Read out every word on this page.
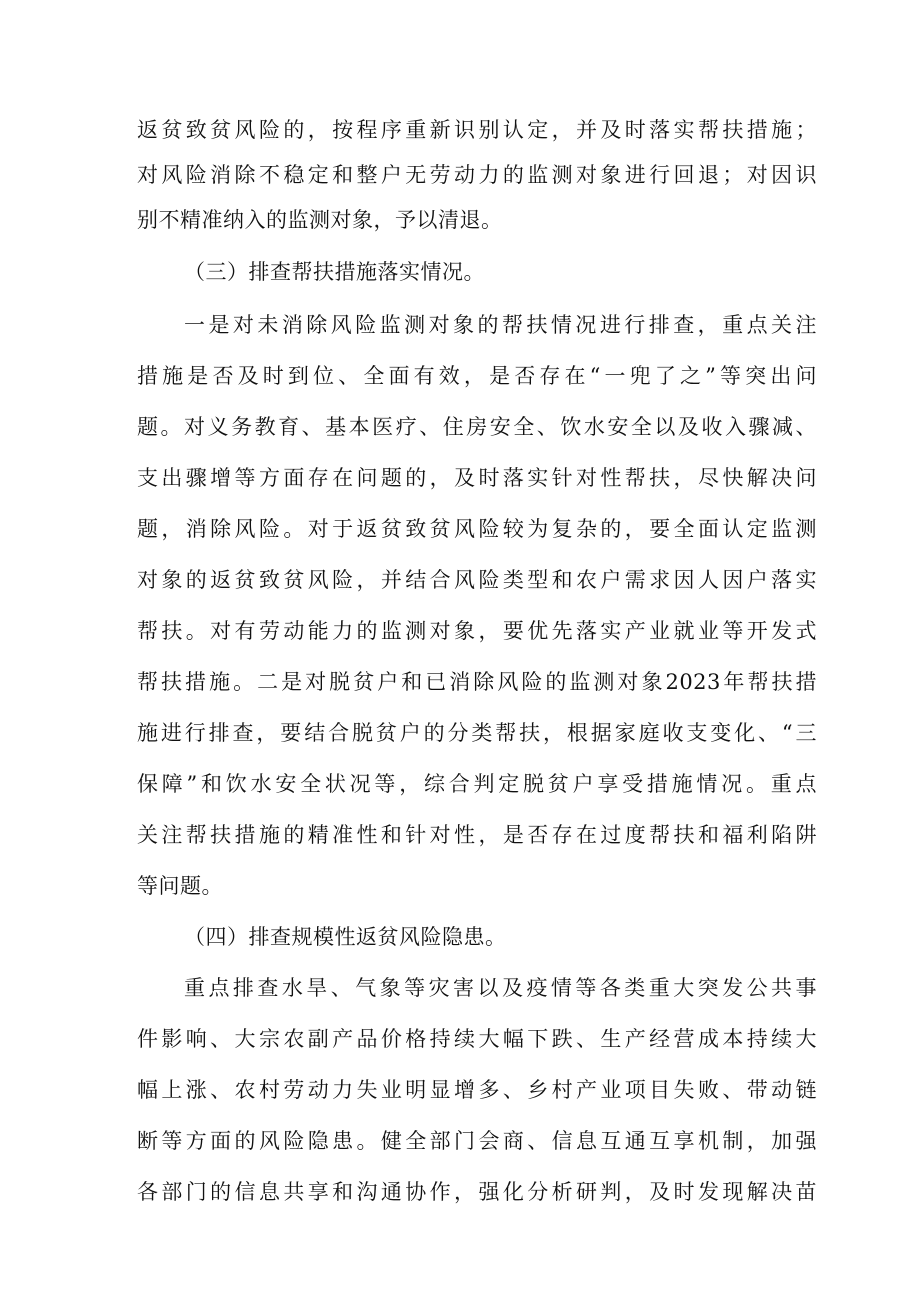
返贫致贫风险的，按程序重新识别认定，并及时落实帮扶措施；
对风险消除不稳定和整户无劳动力的监测对象进行回退；对因识
别不精准纳入的监测对象，予以清退。
（三）排查帮扶措施落实情况。
一是对未消除风险监测对象的帮扶情况进行排查，重点关注
措施是否及时到位、全面有效，是否存在“一兜了之”等突出问
题。对义务教育、基本医疗、住房安全、饮水安全以及收入骤减、
支出骤增等方面存在问题的，及时落实针对性帮扶，尽快解决问
题，消除风险。对于返贫致贫风险较为复杂的，要全面认定监测
对象的返贫致贫风险，并结合风险类型和农户需求因人因户落实
帮扶。对有劳动能力的监测对象，要优先落实产业就业等开发式
帮扶措施。二是对脱贫户和已消除风险的监测对象2023年帮扶措
施进行排查，要结合脱贫户的分类帮扶，根据家庭收支变化、“三
保障”和饮水安全状况等，综合判定脱贫户享受措施情况。重点
关注帮扶措施的精准性和针对性，是否存在过度帮扶和福利陷阱
等问题。
（四）排查规模性返贫风险隐患。
重点排查水旱、气象等灾害以及疫情等各类重大突发公共事
件影响、大宗农副产品价格持续大幅下跌、生产经营成本持续大
幅上涨、农村劳动力失业明显增多、乡村产业项目失败、带动链
断等方面的风险隐患。健全部门会商、信息互通互享机制，加强
各部门的信息共享和沟通协作，强化分析研判，及时发现解决苗
